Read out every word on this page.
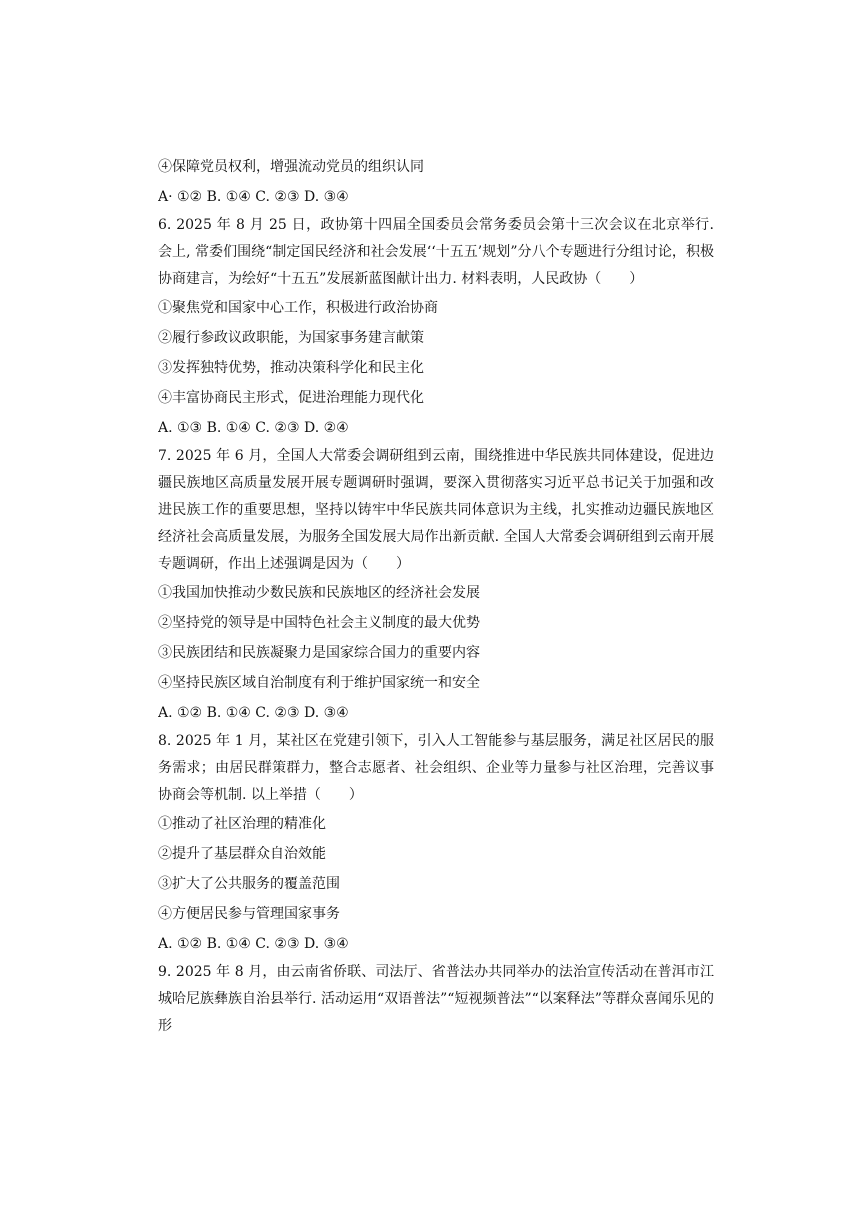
④保障党员权利，增强流动党员的组织认同
A· ①② B. ①④ C. ②③ D. ③④
6. 2025 年 8 月 25 日，政协第十四届全国委员会常务委员会第十三次会议在北京举行. 会上, 常委们围绕“制定国民经济和社会发展‘‘十五五’规划”分八个专题进行分组讨论，积极协商建言，为绘好“十五五”发展新蓝图献计出力. 材料表明，人民政协（　　）
①聚焦党和国家中心工作，积极进行政治协商
②履行参政议政职能，为国家事务建言献策
③发挥独特优势，推动决策科学化和民主化
④丰富协商民主形式，促进治理能力现代化
A. ①③ B. ①④ C. ②③ D. ②④
7. 2025 年 6 月，全国人大常委会调研组到云南，围绕推进中华民族共同体建设，促进边疆民族地区高质量发展开展专题调研时强调，要深入贯彻落实习近平总书记关于加强和改进民族工作的重要思想，坚持以铸牢中华民族共同体意识为主线，扎实推动边疆民族地区经济社会高质量发展，为服务全国发展大局作出新贡献. 全国人大常委会调研组到云南开展专题调研，作出上述强调是因为（　　）
①我国加快推动少数民族和民族地区的经济社会发展
②坚持党的领导是中国特色社会主义制度的最大优势
③民族团结和民族凝聚力是国家综合国力的重要内容
④坚持民族区域自治制度有利于维护国家统一和安全
A. ①② B. ①④ C. ②③ D. ③④
8. 2025 年 1 月，某社区在党建引领下，引入人工智能参与基层服务，满足社区居民的服务需求；由居民群策群力，整合志愿者、社会组织、企业等力量参与社区治理，完善议事协商会等机制. 以上举措（　　）
①推动了社区治理的精准化
②提升了基层群众自治效能
③扩大了公共服务的覆盖范围
④方便居民参与管理国家事务
A. ①② B. ①④ C. ②③ D. ③④
9. 2025 年 8 月，由云南省侨联、司法厅、省普法办共同举办的法治宣传活动在普洱市江城哈尼族彝族自治县举行. 活动运用“双语普法”“短视频普法”“以案释法”等群众喜闻乐见的形
